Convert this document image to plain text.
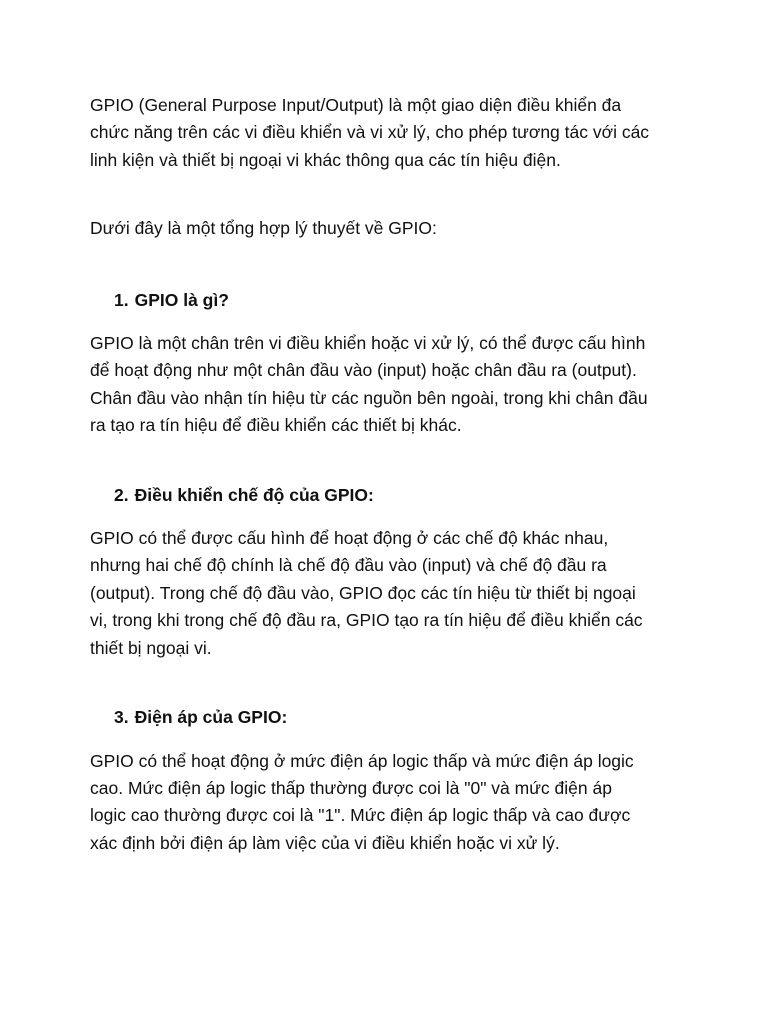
GPIO (General Purpose Input/Output) là một giao diện điều khiển đa
chức năng trên các vi điều khiển và vi xử lý, cho phép tương tác với các
linh kiện và thiết bị ngoại vi khác thông qua các tín hiệu điện.

Dưới đây là một tổng hợp lý thuyết về GPIO:

1. GPIO là gì?

GPIO là một chân trên vi điều khiển hoặc vi xử lý, có thể được cấu hình
để hoạt động như một chân đầu vào (input) hoặc chân đầu ra (output).
Chân đầu vào nhận tín hiệu từ các nguồn bên ngoài, trong khi chân đầu
ra tạo ra tín hiệu để điều khiển các thiết bị khác.

2. Điều khiển chế độ của GPIO:

GPIO có thể được cấu hình để hoạt động ở các chế độ khác nhau,
nhưng hai chế độ chính là chế độ đầu vào (input) và chế độ đầu ra
(output). Trong chế độ đầu vào, GPIO đọc các tín hiệu từ thiết bị ngoại
vi, trong khi trong chế độ đầu ra, GPIO tạo ra tín hiệu để điều khiển các
thiết bị ngoại vi.

3. Điện áp của GPIO:

GPIO có thể hoạt động ở mức điện áp logic thấp và mức điện áp logic
cao. Mức điện áp logic thấp thường được coi là "0" và mức điện áp
logic cao thường được coi là "1". Mức điện áp logic thấp và cao được
xác định bởi điện áp làm việc của vi điều khiển hoặc vi xử lý.
